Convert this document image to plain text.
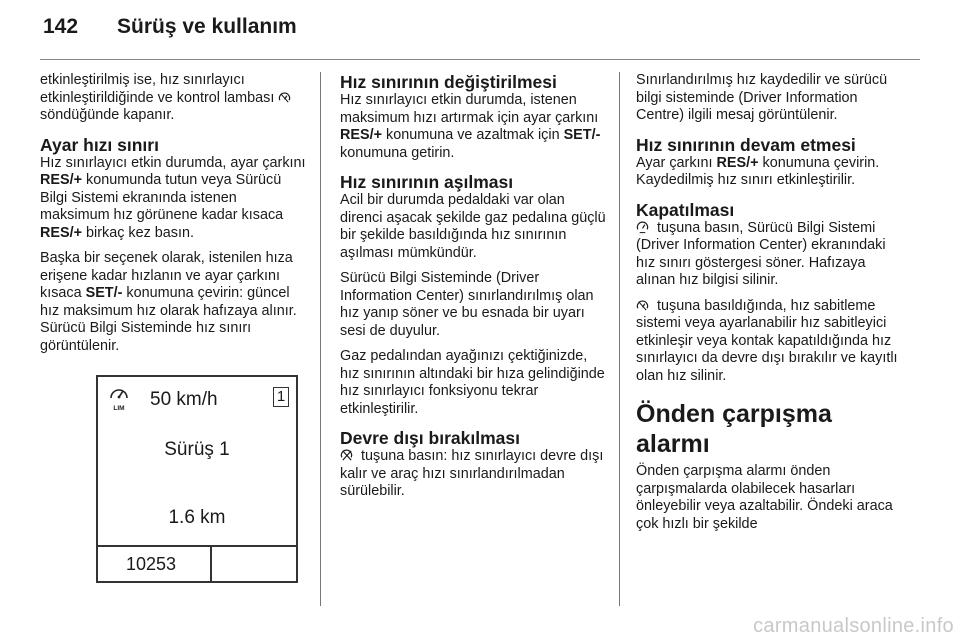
142 Sürüş ve kullanım

etkinleştirilmiş ise, hız sınırlayıcı etkinleştirildiğinde ve kontrol lambası
söndüğünde kapanır.

Ayar hızı sınırı

Hız sınırlayıcı etkin durumda, ayar çarkını RES/+ konumunda tutun veya Sürücü Bilgi Sistemi ekranında istenen maksimum hız görünene kadar kısaca RES/+ birkaç kez basın.

Başka bir seçenek olarak, istenilen hıza erişene kadar hızlanın ve ayar çarkını kısaca SET/- konumuna çevirin: güncel hız maksimum hız olarak hafızaya alınır. Sürücü Bilgi Sisteminde hız sınırı görüntülenir.

LIM 50 km/h	1
Sürüş 1
1.6 km
10253
Hız sınırının değiştirilmesi

Hız sınırlayıcı etkin durumda, istenen maksimum hızı artırmak için ayar çarkını RES/+ konumuna ve azaltmak için SET/- konumuna getirin.

Hız sınırının aşılması

Acil bir durumda pedaldaki var olan direnci aşacak şekilde gaz pedalına güçlü bir şekilde basıldığında hız sınırının aşılması mümkündür.

Sürücü Bilgi Sisteminde (Driver Information Center) sınırlandırılmış olan hız yanıp söner ve bu esnada bir uyarı sesi de duyulur.

Gaz pedalından ayağınızı çektiğinizde, hız sınırının altındaki bir hıza gelindiğinde hız sınırlayıcı fonksiyonu tekrar etkinleştirilir.

Devre dışı bırakılması

tuşuna basın: hız sınırlayıcı devre dışı kalır ve araç hızı sınırlandırılmadan sürülebilir.

Sınırlandırılmış hız kaydedilir ve sürücü bilgi sisteminde (Driver Information Centre) ilgili mesaj görüntülenir.

Hız sınırının devam etmesi

Ayar çarkını RES/+ konumuna çevirin. Kaydedilmiş hız sınırı etkinleştirilir.

Kapatılması

tuşuna basın, Sürücü Bilgi Sistemi (Driver Information Center) ekranındaki hız sınırı göstergesi söner. Hafızaya alınan hız bilgisi silinir.

tuşuna basıldığında, hız sabitleme sistemi veya ayarlanabilir hız sabitleyici etkinleşir veya kontak kapatıldığında hız sınırlayıcı da devre dışı bırakılır ve kayıtlı olan hız silinir.

Önden çarpışma alarmı

Önden çarpışma alarmı önden çarpışmalarda olabilecek hasarları önleyebilir veya azaltabilir. Öndeki araca çok hızlı bir şekilde

carmanualsonline.info
